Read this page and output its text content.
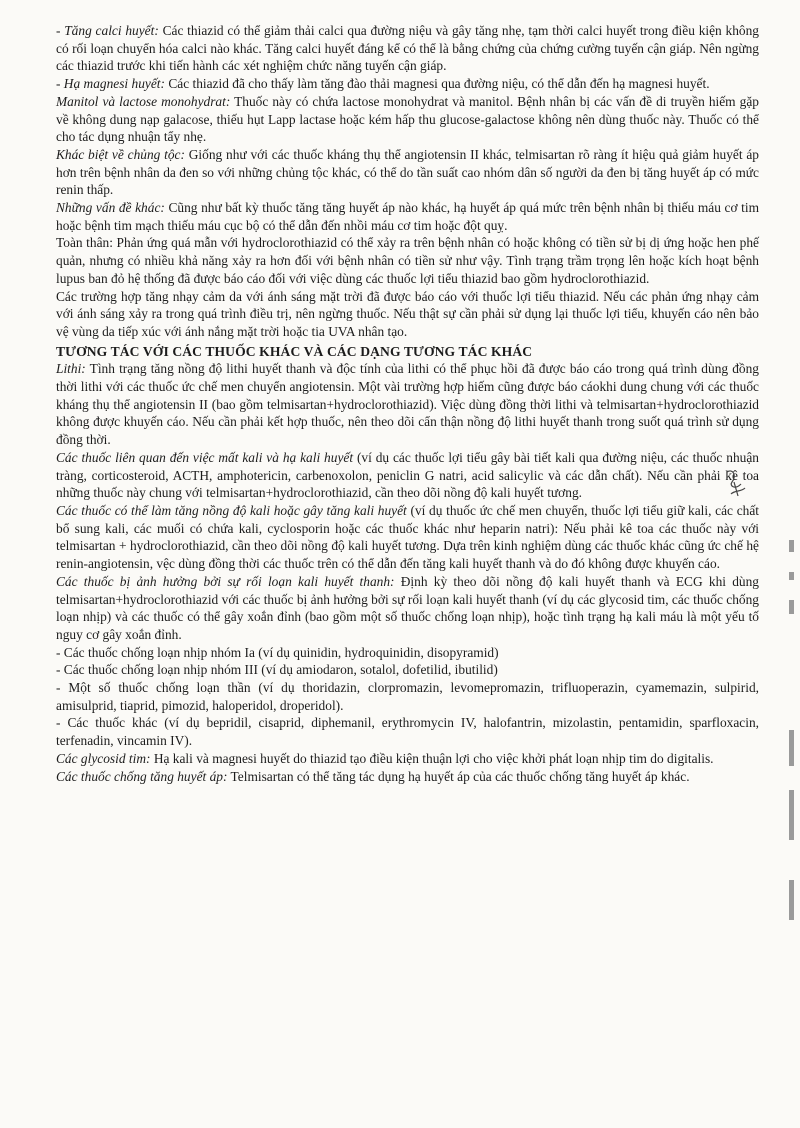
- Tăng calci huyết: Các thiazid có thể giảm thải calci qua đường niệu và gây tăng nhẹ, tạm thời calci huyết trong điều kiện không có rối loạn chuyển hóa calci nào khác. Tăng calci huyết đáng kể có thể là bằng chứng của chứng cường tuyến cận giáp. Nên ngừng các thiazid trước khi tiến hành các xét nghiệm chức năng tuyến cận giáp.

- Hạ magnesi huyết: Các thiazid đã cho thấy làm tăng đào thải magnesi qua đường niệu, có thể dẫn đến hạ magnesi huyết.

Manitol và lactose monohydrat: Thuốc này có chứa lactose monohydrat và manitol. Bệnh nhân bị các vấn đề di truyền hiếm gặp về không dung nạp galacose, thiếu hụt Lapp lactase hoặc kém hấp thu glucose-galactose không nên dùng thuốc này. Thuốc có thể cho tác dụng nhuận tẩy nhẹ.

Khác biệt về chủng tộc: Giống như với các thuốc kháng thụ thể angiotensin II khác, telmisartan rõ ràng ít hiệu quả giảm huyết áp hơn trên bệnh nhân da đen so với những chủng tộc khác, có thể do tần suất cao nhóm dân số người da đen bị tăng huyết áp có mức renin thấp.

Những vấn đề khác: Cũng như bất kỳ thuốc tăng tăng huyết áp nào khác, hạ huyết áp quá mức trên bệnh nhân bị thiếu máu cơ tim hoặc bệnh tim mạch thiếu máu cục bộ có thể dẫn đến nhồi máu cơ tim hoặc đột quỵ.

Toàn thân: Phản ứng quá mẫn với hydroclorothiazid có thể xảy ra trên bệnh nhân có hoặc không có tiền sử bị dị ứng hoặc hen phế quản, nhưng có nhiều khả năng xảy ra hơn đối với bệnh nhân có tiền sử như vậy. Tình trạng trầm trọng lên hoặc kích hoạt bệnh lupus ban đỏ hệ thống đã được báo cáo đối với việc dùng các thuốc lợi tiểu thiazid bao gồm hydroclorothiazid.

Các trường hợp tăng nhạy cảm da với ánh sáng mặt trời đã được báo cáo với thuốc lợi tiểu thiazid. Nếu các phản ứng nhạy cảm với ánh sáng xảy ra trong quá trình điều trị, nên ngừng thuốc. Nếu thật sự cần phải sử dụng lại thuốc lợi tiểu, khuyến cáo nên bảo vệ vùng da tiếp xúc với ánh nắng mặt trời hoặc tia UVA nhân tạo.

TƯƠNG TÁC VỚI CÁC THUỐC KHÁC VÀ CÁC DẠNG TƯƠNG TÁC KHÁC

Lithi: Tình trạng tăng nồng độ lithi huyết thanh và độc tính của lithi có thể phục hồi đã được báo cáo trong quá trình dùng đồng thời lithi với các thuốc ức chế men chuyển angiotensin. Một vài trường hợp hiếm cũng được báo cáokhi dung chung với các thuốc kháng thụ thể angiotensin II (bao gồm telmisartan+hydroclorothiazid). Việc dùng đồng thời lithi và telmisartan+hydroclorothiazid không được khuyến cáo. Nếu cần phải kết hợp thuốc, nên theo dõi cẩn thận nồng độ lithi huyết thanh trong suốt quá trình sử dụng đồng thời.

Các thuốc liên quan đến việc mất kali và hạ kali huyết (ví dụ các thuốc lợi tiểu gây bài tiết kali qua đường niệu, các thuốc nhuận tràng, corticosteroid, ACTH, amphotericin, carbenoxolon, peniclin G natri, acid salicylic và các dẫn chất). Nếu cần phải kê toa những thuốc này chung với telmisartan+hydroclorothiazid, cần theo dõi nồng độ kali huyết tương.

Các thuốc có thể làm tăng nồng độ kali hoặc gây tăng kali huyết (ví dụ thuốc ức chế men chuyển, thuốc lợi tiểu giữ kali, các chất bổ sung kali, các muối có chứa kali, cyclosporin hoặc các thuốc khác như heparin natri): Nếu phải kê toa các thuốc này với telmisartan + hydroclorothiazid, cần theo dõi nồng độ kali huyết tương. Dựa trên kinh nghiệm dùng các thuốc khác cũng ức chế hệ renin-angiotensin, vệc dùng đồng thời các thuốc trên có thể dẫn đến tăng kali huyết thanh và do đó không được khuyến cáo.

Các thuốc bị ảnh hưởng bởi sự rối loạn kali huyết thanh: Định kỳ theo dõi nồng độ kali huyết thanh và ECG khi dùng telmisartan+hydroclorothiazid với các thuốc bị ảnh hưởng bởi sự rối loạn kali huyết thanh (ví dụ các glycosid tim, các thuốc chống loạn nhịp) và các thuốc có thể gây xoắn đỉnh (bao gồm một số thuốc chống loạn nhịp), hoặc tình trạng hạ kali máu là một yếu tố nguy cơ gây xoắn đỉnh.

- Các thuốc chống loạn nhịp nhóm Ia (ví dụ quinidin, hydroquinidin, disopyramid)

- Các thuốc chống loạn nhịp nhóm III (ví dụ amiodaron, sotalol, dofetilid, ibutilid)

- Một số thuốc chống loạn thần (ví dụ thoridazin, clorpromazin, levomepromazin, trifluoperazin, cyamemazin, sulpirid, amisulprid, tiaprid, pimozid, haloperidol, droperidol).

- Các thuốc khác (ví dụ bepridil, cisaprid, diphemanil, erythromycin IV, halofantrin, mizolastin, pentamidin, sparfloxacin, terfenadin, vincamin IV).

Các glycosid tim: Hạ kali và magnesi huyết do thiazid tạo điều kiện thuận lợi cho việc khởi phát loạn nhịp tim do digitalis.

Các thuốc chống tăng huyết áp: Telmisartan có thể tăng tác dụng hạ huyết áp của các thuốc chống tăng huyết áp khác.
